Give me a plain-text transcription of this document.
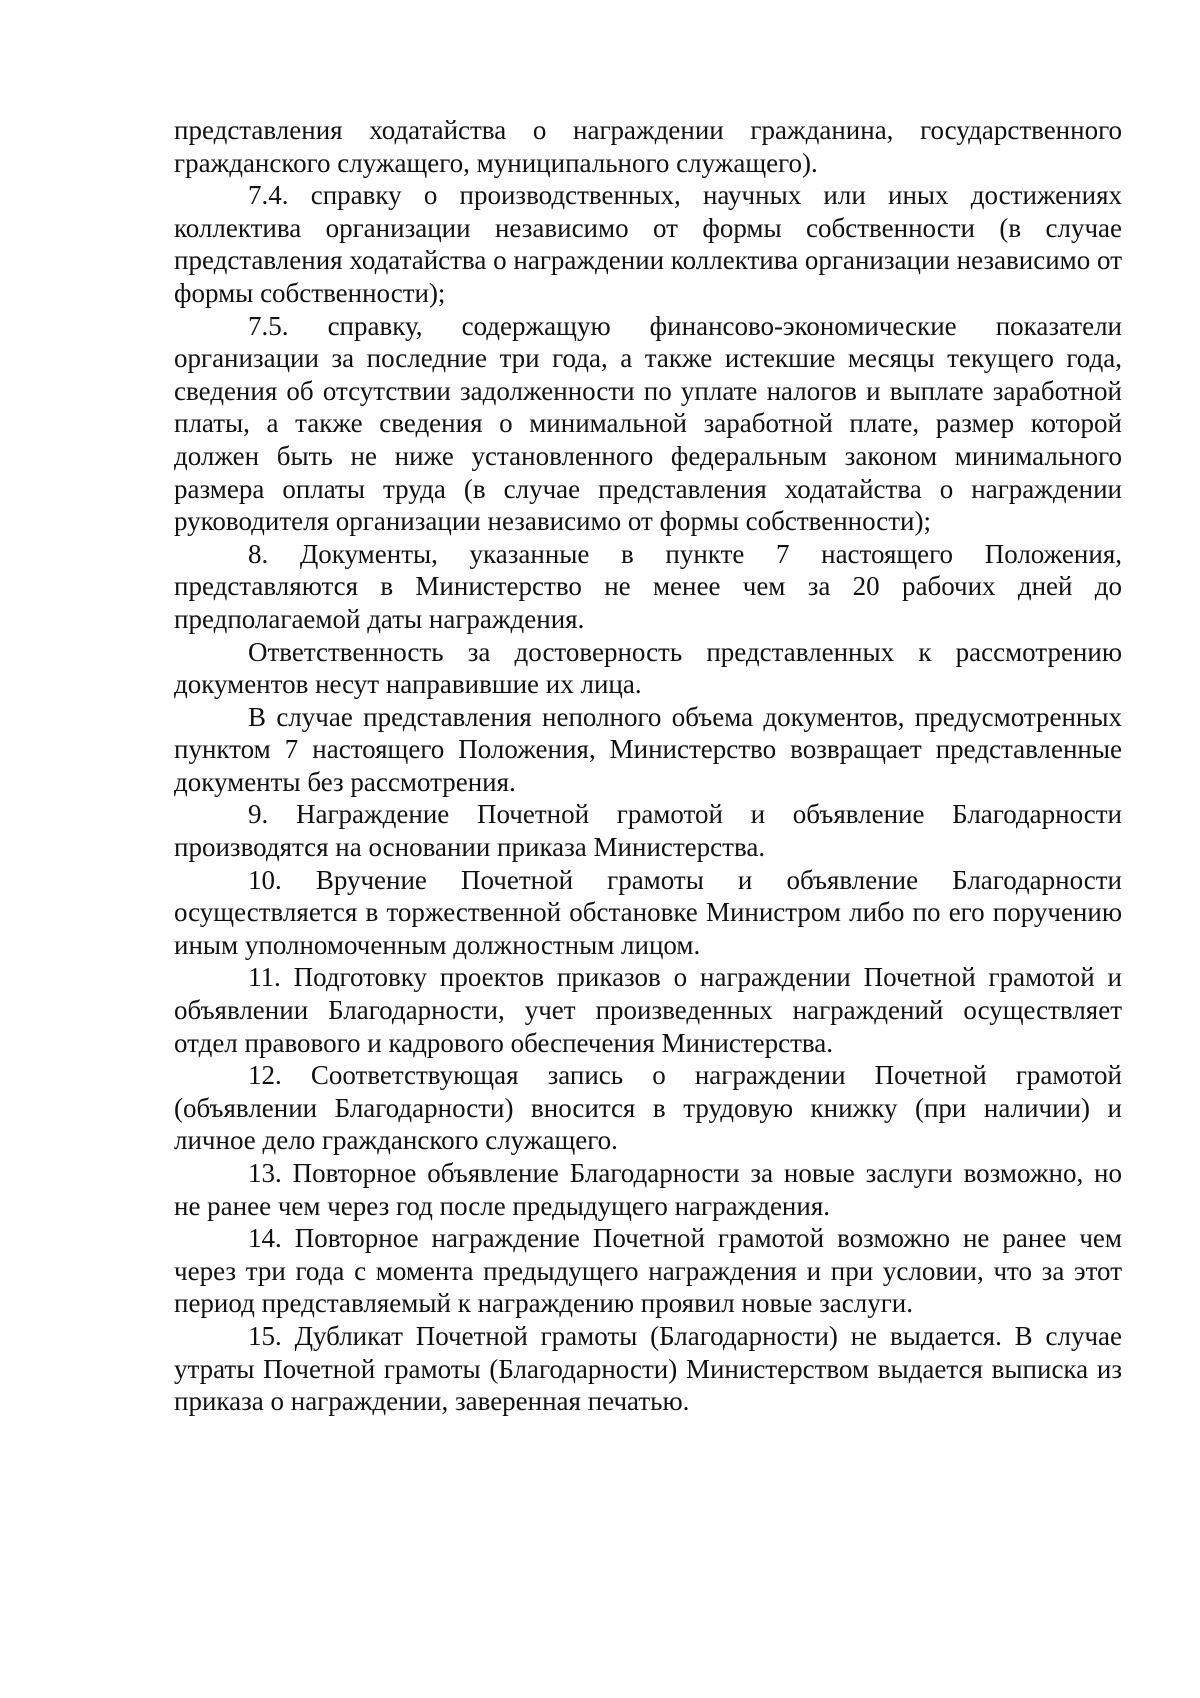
представления ходатайства о награждении гражданина, государственного гражданского служащего, муниципального служащего).

7.4. справку о производственных, научных или иных достижениях коллектива организации независимо от формы собственности (в случае представления ходатайства о награждении коллектива организации независимо от формы собственности);

7.5. справку, содержащую финансово-экономические показатели организации за последние три года, а также истекшие месяцы текущего года, сведения об отсутствии задолженности по уплате налогов и выплате заработной платы, а также сведения о минимальной заработной плате, размер которой должен быть не ниже установленного федеральным законом минимального размера оплаты труда (в случае представления ходатайства о награждении руководителя организации независимо от формы собственности);

8. Документы, указанные в пункте 7 настоящего Положения, представляются в Министерство не менее чем за 20 рабочих дней до предполагаемой даты награждения.

Ответственность за достоверность представленных к рассмотрению документов несут направившие их лица.

В случае представления неполного объема документов, предусмотренных пунктом 7 настоящего Положения, Министерство возвращает представленные документы без рассмотрения.

9. Награждение Почетной грамотой и объявление Благодарности производятся на основании приказа Министерства.

10. Вручение Почетной грамоты и объявление Благодарности осуществляется в торжественной обстановке Министром либо по его поручению иным уполномоченным должностным лицом.

11. Подготовку проектов приказов о награждении Почетной грамотой и объявлении Благодарности, учет произведенных награждений осуществляет отдел правового и кадрового обеспечения Министерства.

12. Соответствующая запись о награждении Почетной грамотой (объявлении Благодарности) вносится в трудовую книжку (при наличии) и личное дело гражданского служащего.

13. Повторное объявление Благодарности за новые заслуги возможно, но не ранее чем через год после предыдущего награждения.

14. Повторное награждение Почетной грамотой возможно не ранее чем через три года с момента предыдущего награждения и при условии, что за этот период представляемый к награждению проявил новые заслуги.

15. Дубликат Почетной грамоты (Благодарности) не выдается. В случае утраты Почетной грамоты (Благодарности) Министерством выдается выписка из приказа о награждении, заверенная печатью.
